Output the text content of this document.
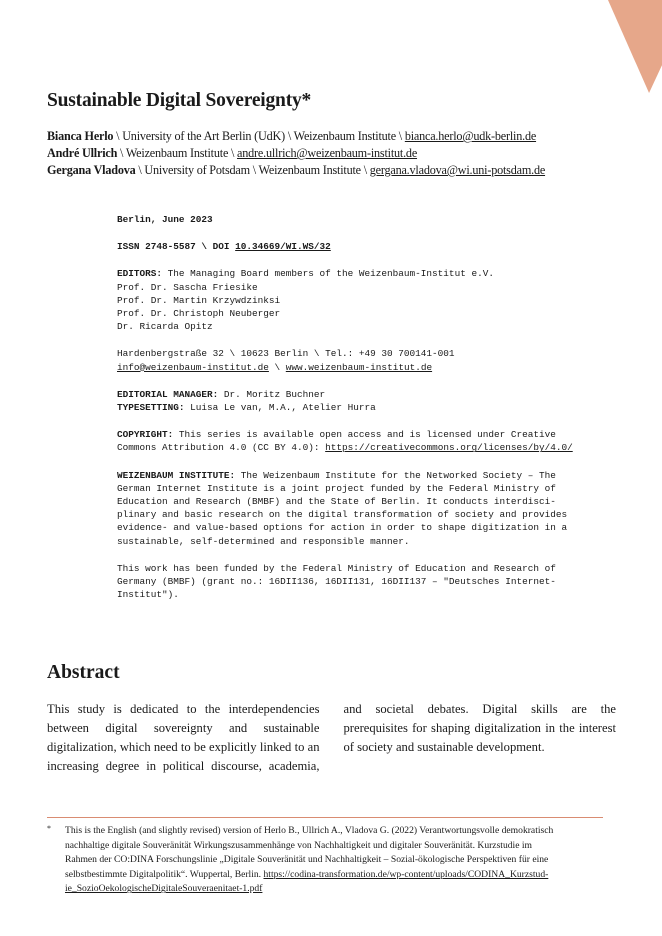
Sustainable Digital Sovereignty*
Bianca Herlo \ University of the Art Berlin (UdK) \ Weizenbaum Institute \ bianca.herlo@udk-berlin.de
André Ullrich \ Weizenbaum Institute \ andre.ullrich@weizenbaum-institut.de
Gergana Vladova \ University of Potsdam \ Weizenbaum Institute \ gergana.vladova@wi.uni-potsdam.de
Berlin, June 2023
ISSN 2748-5587 \ DOI 10.34669/WI.WS/32
EDITORS: The Managing Board members of the Weizenbaum-Institut e.V.
Prof. Dr. Sascha Friesike
Prof. Dr. Martin Krzywdzinksi
Prof. Dr. Christoph Neuberger
Dr. Ricarda Opitz
Hardenbergstraße 32 \ 10623 Berlin \ Tel.: +49 30 700141-001
info@weizenbaum-institut.de \ www.weizenbaum-institut.de
EDITORIAL MANAGER: Dr. Moritz Buchner
TYPESETTING: Luisa Le van, M.A., Atelier Hurra
COPYRIGHT: This series is available open access and is licensed under Creative
Commons Attribution 4.0 (CC BY 4.0): https://creativecommons.org/licenses/by/4.0/
WEIZENBAUM INSTITUTE: The Weizenbaum Institute for the Networked Society – The
German Internet Institute is a joint project funded by the Federal Ministry of
Education and Research (BMBF) and the State of Berlin. It conducts interdisci-
plinary and basic research on the digital transformation of society and provides
evidence- and value-based options for action in order to shape digitization in a
sustainable, self-determined and responsible manner.
This work has been funded by the Federal Ministry of Education and Research of
Germany (BMBF) (grant no.: 16DII136, 16DII131, 16DII137 – "Deutsches Internet-
Institut").
Abstract

This study is dedicated to the interdependencies between digital sovereignty and sustainable digitalization, which need to be explicitly linked to an increasing degree in political discourse, academia, and societal debates. Digital skills are the prerequisites for shaping digitalization in the interest of society and sustainable development.

* This is the English (and slightly revised) version of Herlo B., Ullrich A., Vladova G. (2022) Verantwortungsvolle demokratisch
nachhaltige digitale Souveränität Wirkungszusammenhänge von Nachhaltigkeit und digitaler Souveränität. Kurzstudie im
Rahmen der CO:DINA Forschungslinie „Digitale Souveränität und Nachhaltigkeit – Sozial-ökologische Perspektiven für eine
selbstbestimmte Digitalpolitik“. Wuppertal, Berlin. https://codina-transformation.de/wp-content/uploads/CODINA_Kurzstud-
ie_SozioOekologischeDigitaleSouveraenitaet-1.pdf
